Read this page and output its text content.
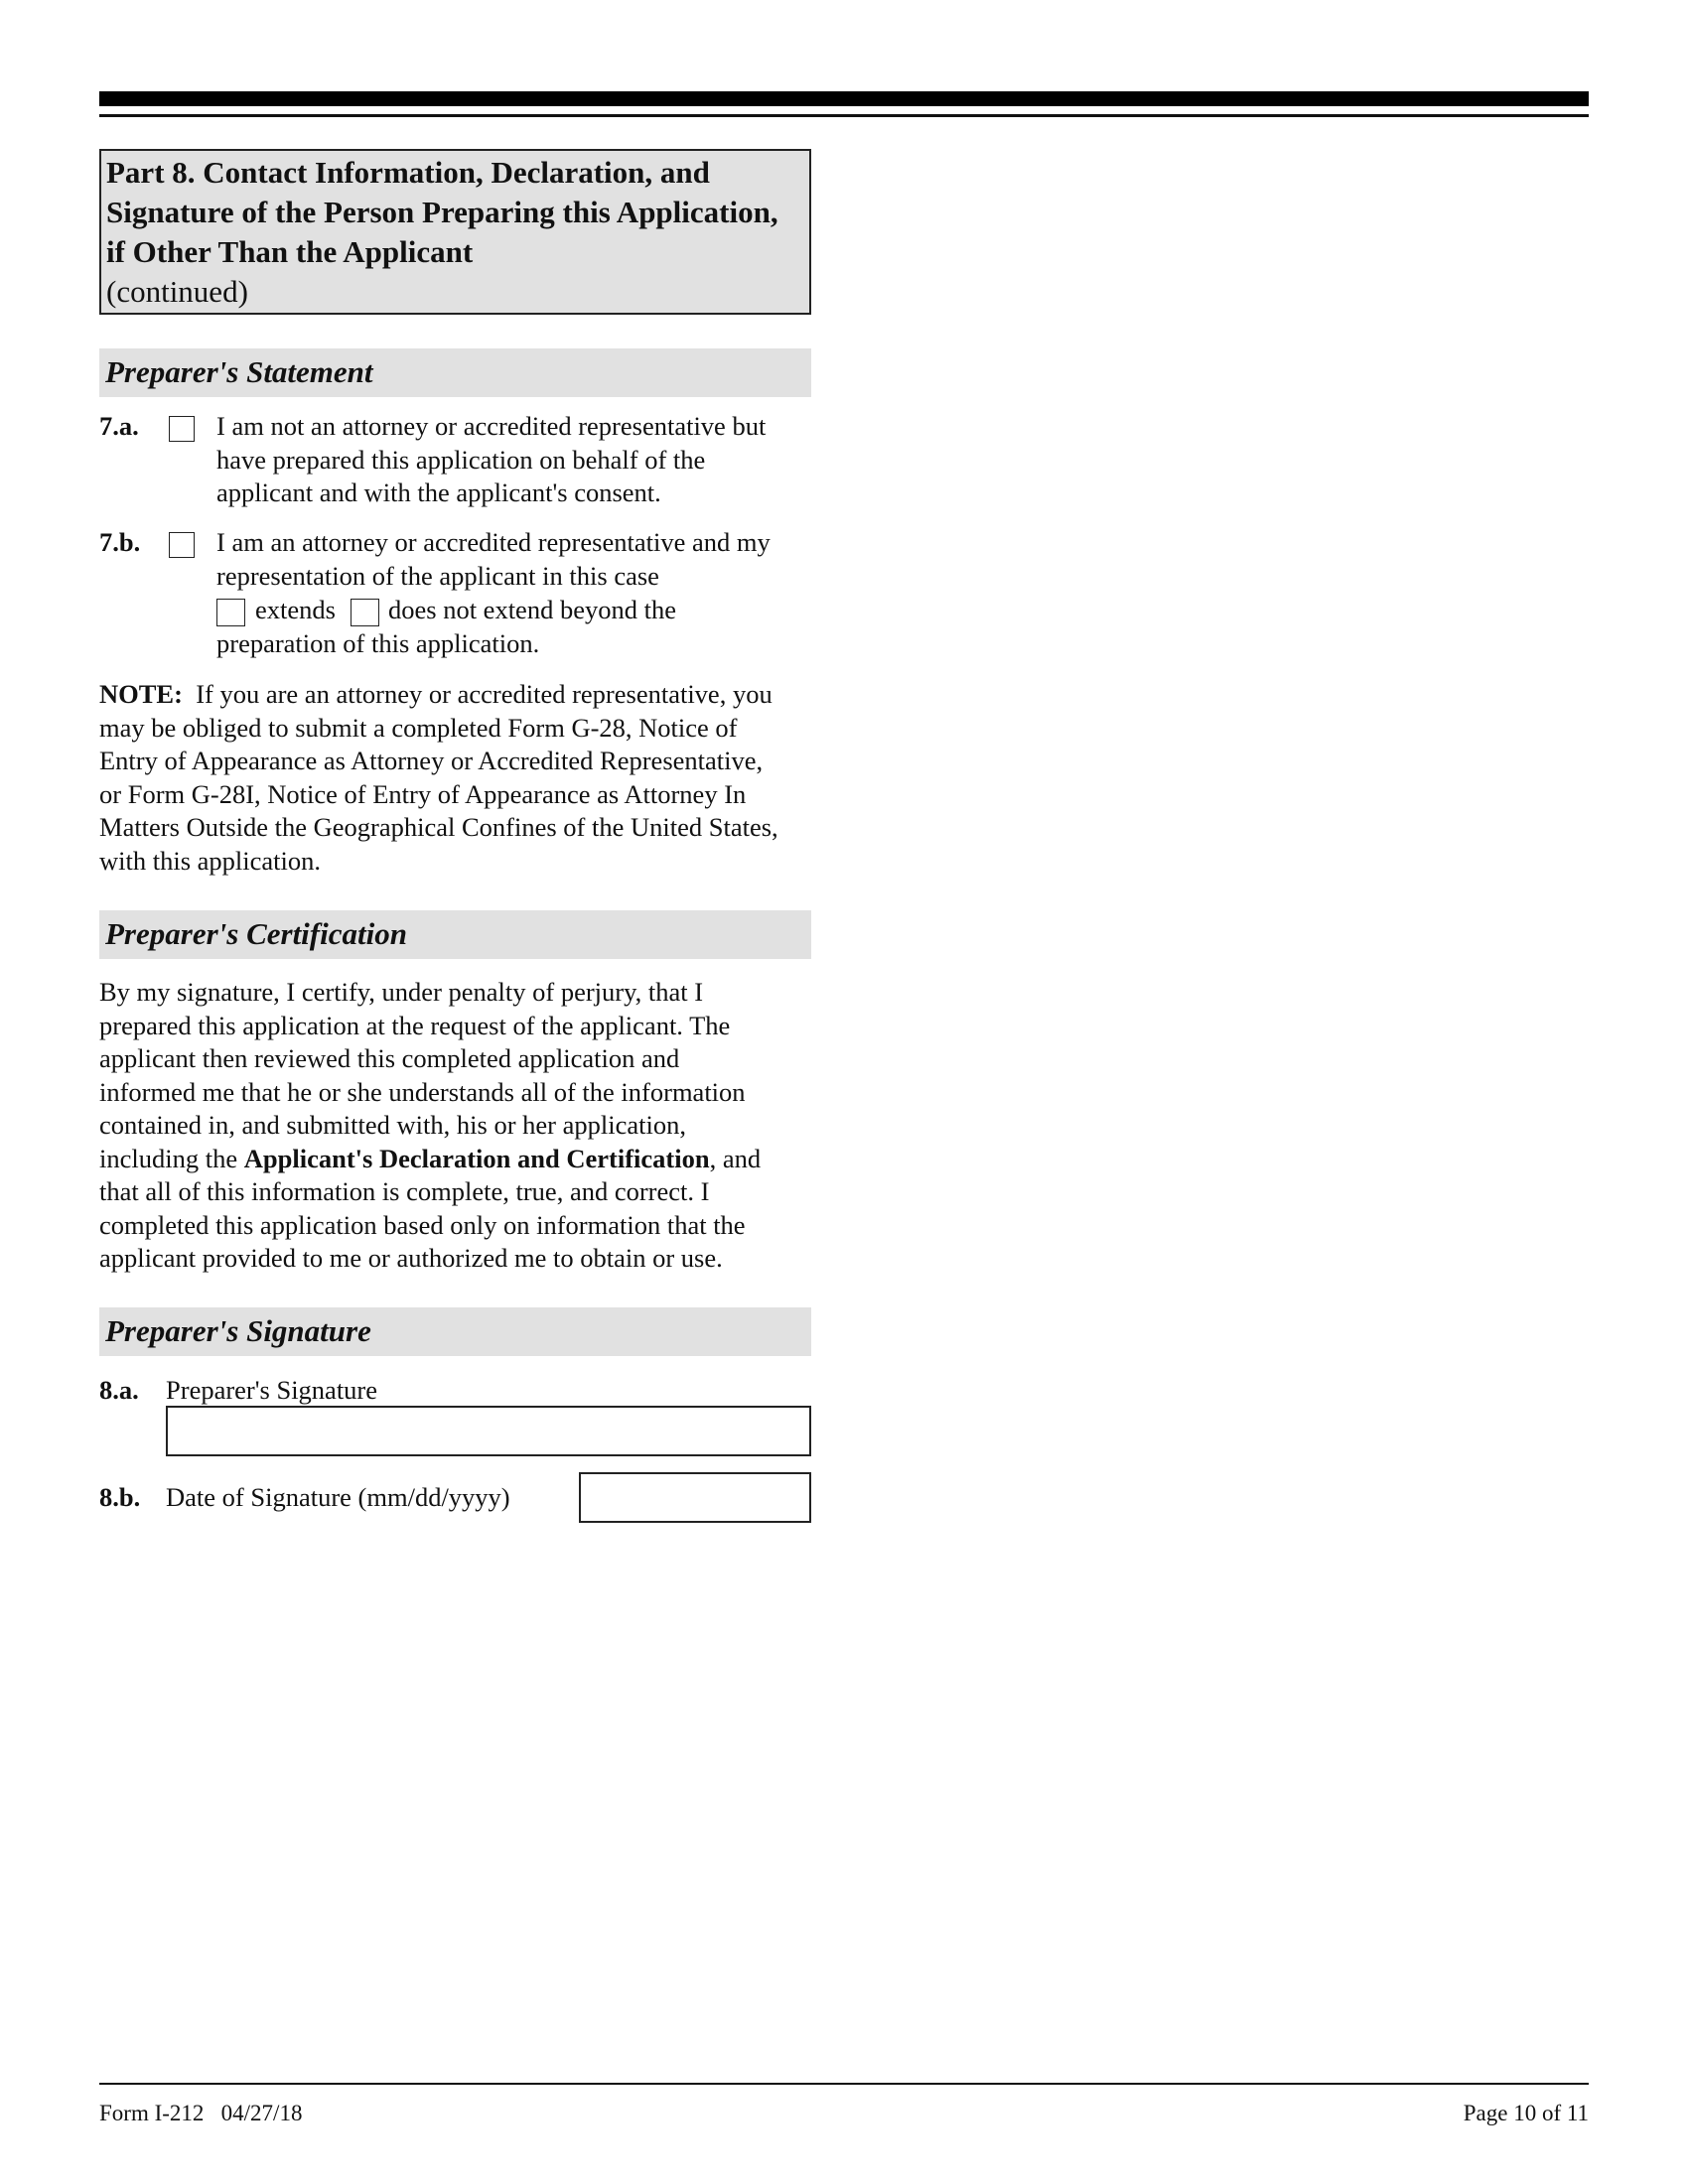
Part 8. Contact Information, Declaration, and Signature of the Person Preparing this Application, if Other Than the Applicant
(continued)
Preparer's Statement
7.a.	I am not an attorney or accredited representative but
have prepared this application on behalf of the
applicant and with the applicant's consent.
7.b.	I am an attorney or accredited representative and my
representation of the applicant in this case
extends does not extend beyond the
preparation of this application.
NOTE: If you are an attorney or accredited representative, you
may be obliged to submit a completed Form G-28, Notice of
Entry of Appearance as Attorney or Accredited Representative,
or Form G-28I, Notice of Entry of Appearance as Attorney In
Matters Outside the Geographical Confines of the United States,
with this application.
Preparer's Certification
By my signature, I certify, under penalty of perjury, that I
prepared this application at the request of the applicant. The
applicant then reviewed this completed application and
informed me that he or she understands all of the information
contained in, and submitted with, his or her application,
including the Applicant's Declaration and Certification, and
that all of this information is complete, true, and correct. I
completed this application based only on information that the
applicant provided to me or authorized me to obtain or use.
Preparer's Signature
8.a. Preparer's Signature
8.b. Date of Signature (mm/dd/yyyy)
Form I-212   04/27/18	Page 10 of 11
